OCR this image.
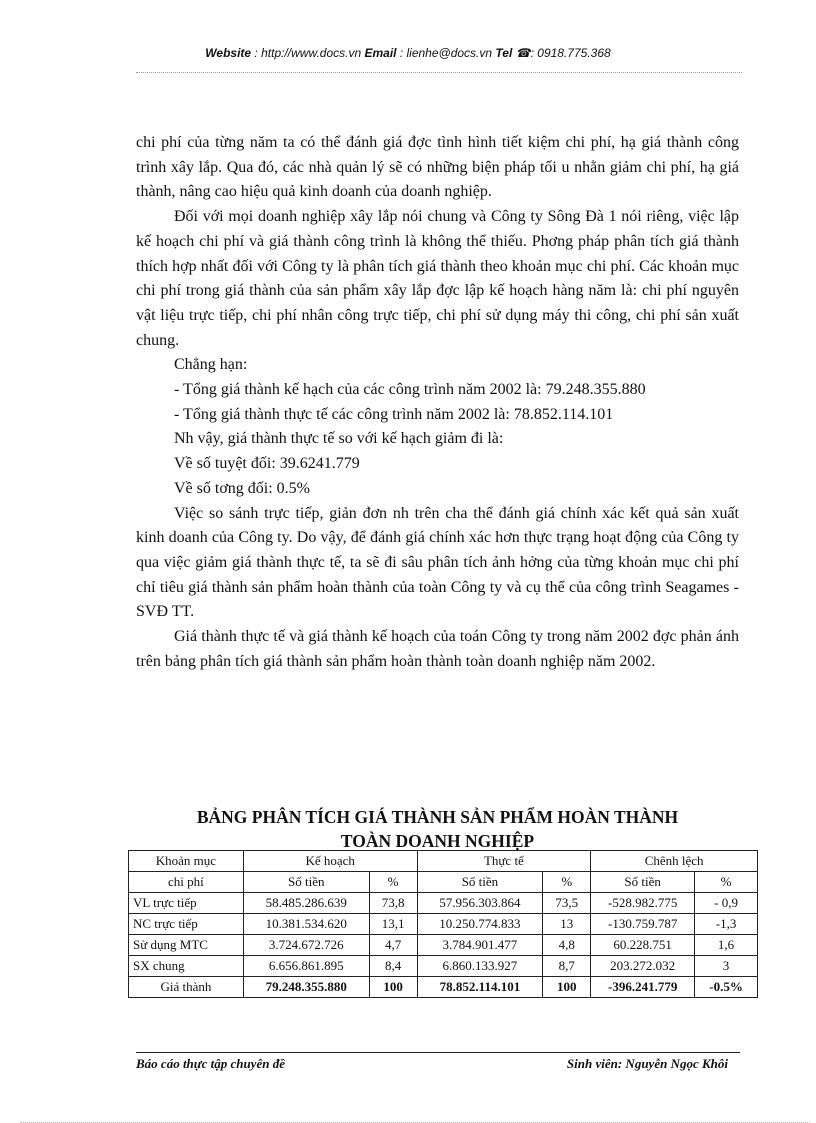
Website : http://www.docs.vn Email : lienhe@docs.vn Tel ☎: 0918.775.368

chi phí của từng năm ta có thể đánh giá đợc tình hình tiết kiệm chi phí, hạ giá thành công trình xây lắp. Qua đó, các nhà quản lý sẽ có những biện pháp tối u nhằn giảm chi phí, hạ giá thành, nâng cao hiệu quả kinh doanh của doanh nghiệp.

Đối với mọi doanh nghiệp xây lắp nói chung và Công ty Sông Đà 1 nói riêng, việc lập kế hoạch chi phí và giá thành công trình là không thể thiếu. Phơng pháp phân tích giá thành thích hợp nhất đối với Công ty là phân tích giá thành theo khoản mục chi phí. Các khoản mục chi phí trong giá thành của sản phẩm xây lắp đợc lập kế hoạch hàng năm là: chi phí nguyên vật liệu trực tiếp, chi phí nhân công trực tiếp, chi phí sử dụng máy thi công, chi phí sản xuất chung.

Chẳng hạn:

- Tổng giá thành kế hạch của các công trình năm 2002 là: 79.248.355.880

- Tổng giá thành thực tế các công trình năm 2002 là: 78.852.114.101

Nh vậy, giá thành thực tế so với kế hạch giảm đi là:

Về số tuyệt đối: 39.6241.779

Về số tơng đối: 0.5%

Việc so sánh trực tiếp, giản đơn nh trên cha thể đánh giá chính xác kết quả sản xuất kinh doanh của Công ty. Do vậy, để đánh giá chính xác hơn thực trạng hoạt động của Công ty qua việc giảm giá thành thực tế, ta sẽ đi sâu phân tích ảnh hởng của từng khoản mục chi phí chỉ tiêu giá thành sản phẩm hoàn thành của toàn Công ty và cụ thể của công trình Seagames - SVĐ TT.

Giá thành thực tế và giá thành kế hoạch của toán Công ty trong năm 2002 đợc phản ánh trên bảng phân tích giá thành sản phẩm hoàn thành toàn doanh nghiệp năm 2002.

BẢNG PHÂN TÍCH GIÁ THÀNH SẢN PHẨM HOÀN THÀNH
TOÀN DOANH NGHIỆP
Khoản mục	Kế hoạch		Thực tế		Chênh lệch	
chi phí	Số tiền	%	Số tiền	%	Số tiền	%
VL trực tiếp	58.485.286.639	73,8	57.956.303.864	73,5	-528.982.775	- 0,9
NC trực tiếp	10.381.534.620	13,1	10.250.774.833	13	-130.759.787	-1,3
Sử dụng MTC	3.724.672.726	4,7	3.784.901.477	4,8	60.228.751	1,6
SX chung	6.656.861.895	8,4	6.860.133.927	8,7	203.272.032	3
Giá thành	79.248.355.880	100	78.852.114.101	100	-396.241.779	-0.5%
Báo cáo thực tập chuyên đề	Sinh viên: Nguyễn Ngọc Khôi
